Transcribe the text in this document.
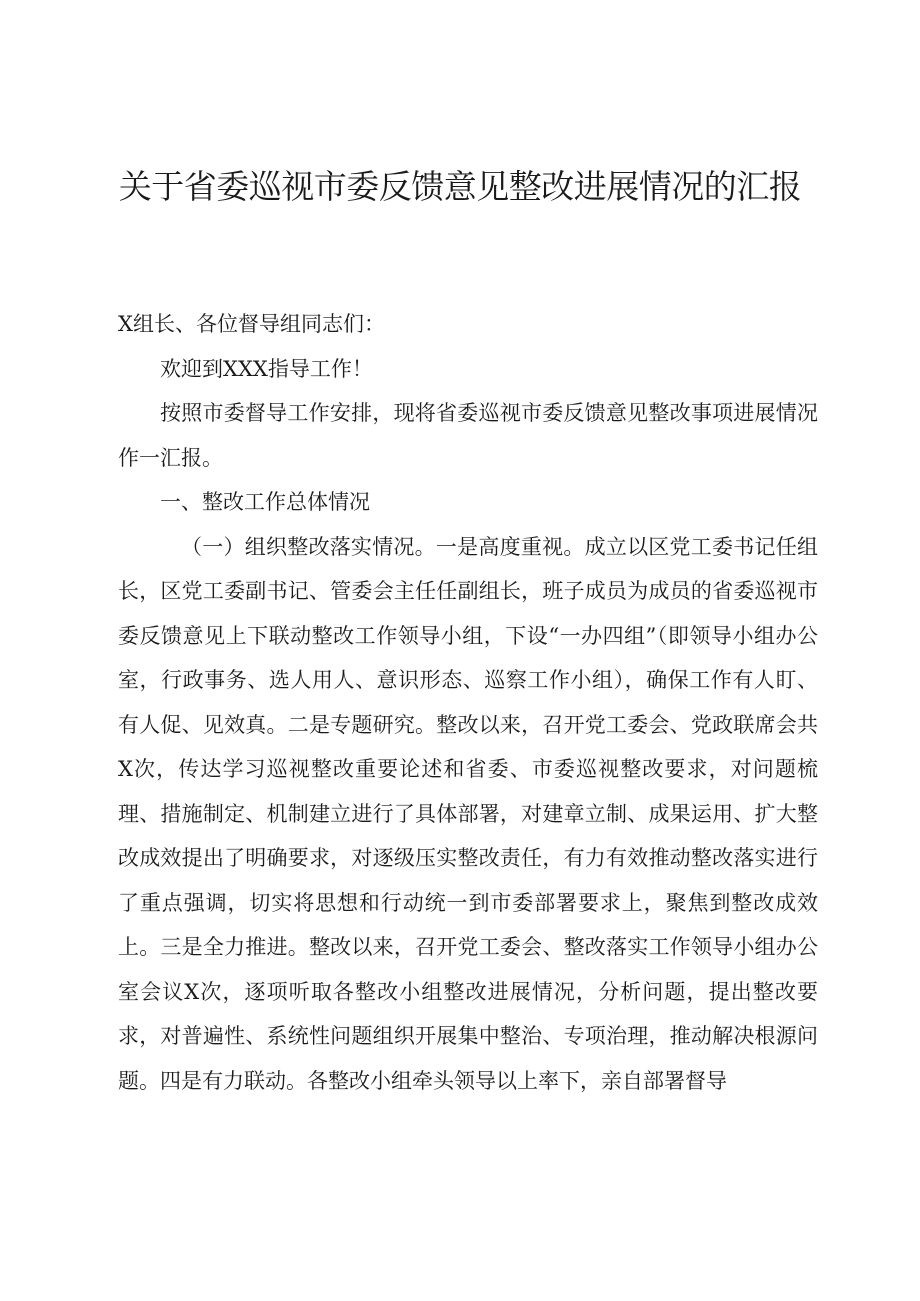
关于省委巡视市委反馈意见整改进展情况的汇报

X组长、各位督导组同志们：

欢迎到XXX指导工作！

按照市委督导工作安排，现将省委巡视市委反馈意见整改事项进展情况作一汇报。

一、整改工作总体情况

（一）组织整改落实情况。一是高度重视。成立以区党工委书记任组长，区党工委副书记、管委会主任任副组长，班子成员为成员的省委巡视市委反馈意见上下联动整改工作领导小组，下设“一办四组”（即领导小组办公室，行政事务、选人用人、意识形态、巡察工作小组），确保工作有人盯、有人促、见效真。二是专题研究。整改以来，召开党工委会、党政联席会共X次，传达学习巡视整改重要论述和省委、市委巡视整改要求，对问题梳理、措施制定、机制建立进行了具体部署，对建章立制、成果运用、扩大整改成效提出了明确要求，对逐级压实整改责任，有力有效推动整改落实进行了重点强调，切实将思想和行动统一到市委部署要求上，聚焦到整改成效上。三是全力推进。整改以来，召开党工委会、整改落实工作领导小组办公室会议X次，逐项听取各整改小组整改进展情况，分析问题，提出整改要求，对普遍性、系统性问题组织开展集中整治、专项治理，推动解决根源问题。四是有力联动。各整改小组牵头领导以上率下，亲自部署督导
